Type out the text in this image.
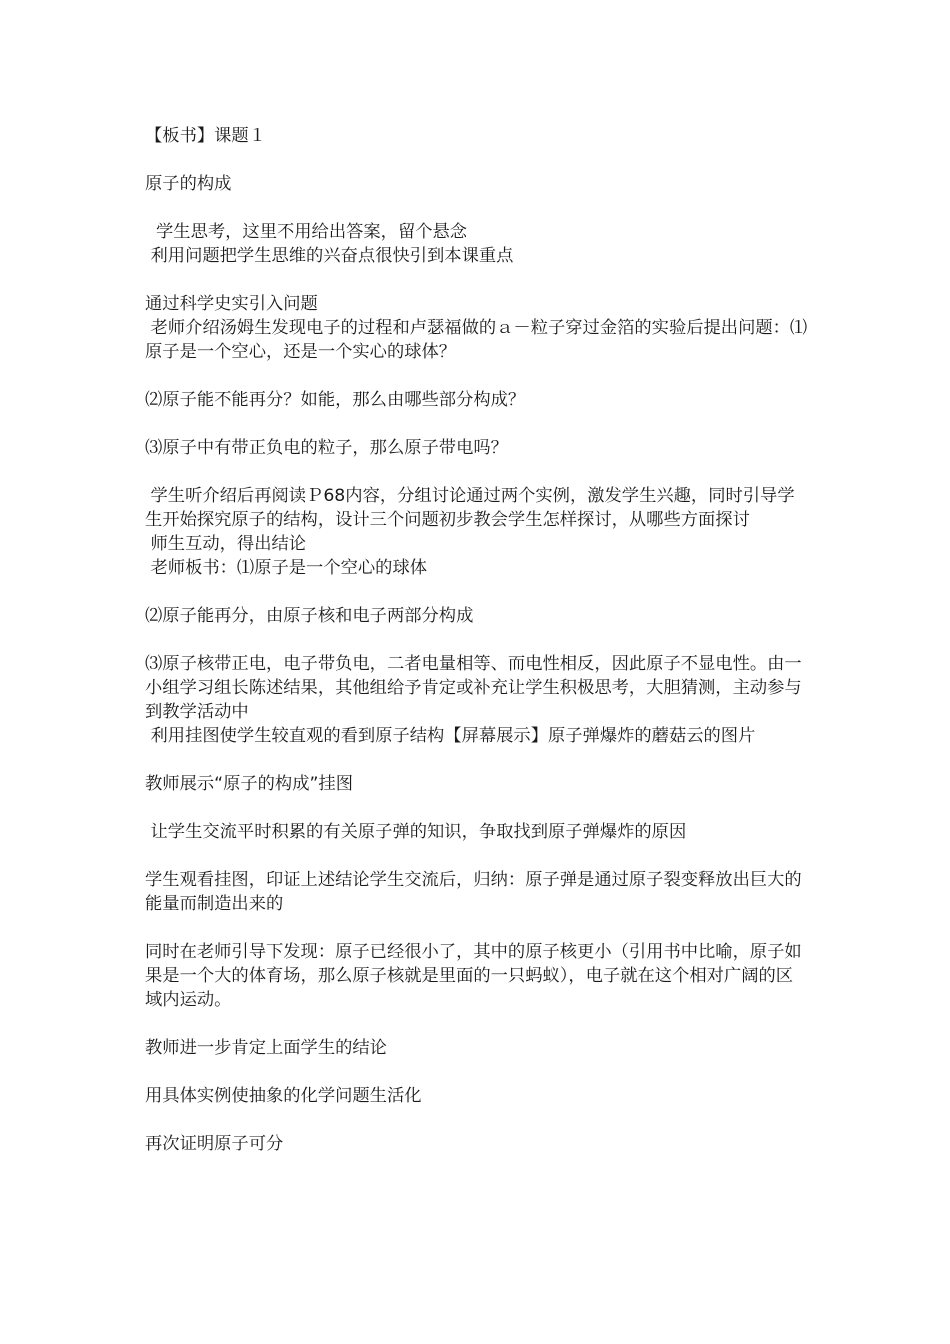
【板书】课题１

原子的构成

学生思考，这里不用给出答案，留个悬念

利用问题把学生思维的兴奋点很快引到本课重点

通过科学史实引入问题

老师介绍汤姆生发现电子的过程和卢瑟福做的ａ－粒子穿过金箔的实验后提出问题：⑴原子是一个空心，还是一个实心的球体？

⑵原子能不能再分？如能，那么由哪些部分构成？

⑶原子中有带正负电的粒子，那么原子带电吗？

学生听介绍后再阅读Ｐ68内容，分组讨论通过两个实例，激发学生兴趣，同时引导学生开始探究原子的结构，设计三个问题初步教会学生怎样探讨，从哪些方面探讨

师生互动，得出结论

老师板书：⑴原子是一个空心的球体

⑵原子能再分，由原子核和电子两部分构成

⑶原子核带正电，电子带负电，二者电量相等、而电性相反，因此原子不显电性。由一小组学习组长陈述结果，其他组给予肯定或补充让学生积极思考，大胆猜测，主动参与到教学活动中

利用挂图使学生较直观的看到原子结构【屏幕展示】原子弹爆炸的蘑菇云的图片

教师展示“原子的构成”挂图

让学生交流平时积累的有关原子弹的知识，争取找到原子弹爆炸的原因

学生观看挂图，印证上述结论学生交流后，归纳：原子弹是通过原子裂变释放出巨大的能量而制造出来的

同时在老师引导下发现：原子已经很小了，其中的原子核更小（引用书中比喻，原子如果是一个大的体育场，那么原子核就是里面的一只蚂蚁），电子就在这个相对广阔的区域内运动。

教师进一步肯定上面学生的结论

用具体实例使抽象的化学问题生活化

再次证明原子可分
